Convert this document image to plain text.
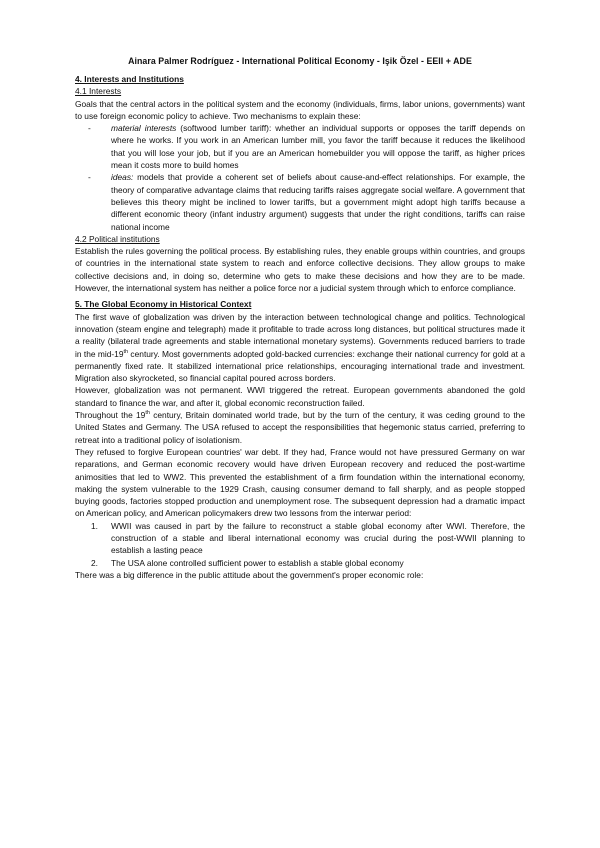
Ainara Palmer Rodríguez - International Political Economy - Işik Özel - EEII + ADE
4. Interests and Institutions
4.1 Interests

Goals that the central actors in the political system and the economy (individuals, firms, labor unions, governments) want to use foreign economic policy to achieve. Two mechanisms to explain these:

- material interests (softwood lumber tariff): whether an individual supports or opposes the tariff depends on where he works. If you work in an American lumber mill, you favor the tariff because it reduces the likelihood that you will lose your job, but if you are an American homebuilder you will oppose the tariff, as higher prices mean it costs more to build homes
- ideas: models that provide a coherent set of beliefs about cause-and-effect relationships. For example, the theory of comparative advantage claims that reducing tariffs raises aggregate social welfare. A government that believes this theory might be inclined to lower tariffs, but a government might adopt high tariffs because a different economic theory (infant industry argument) suggests that under the right conditions, tariffs can raise national income
4.2 Political institutions

Establish the rules governing the political process. By establishing rules, they enable groups within countries, and groups of countries in the international state system to reach and enforce collective decisions. They allow groups to make collective decisions and, in doing so, determine who gets to make these decisions and how they are to be made. However, the international system has neither a police force nor a judicial system through which to enforce compliance.

5. The Global Economy in Historical Context

The first wave of globalization was driven by the interaction between technological change and politics. Technological innovation (steam engine and telegraph) made it profitable to trade across long distances, but political structures made it a reality (bilateral trade agreements and stable international monetary systems). Governments reduced barriers to trade in the mid-19th century. Most governments adopted gold-backed currencies: exchange their national currency for gold at a permanently fixed rate. It stabilized international price relationships, encouraging international trade and investment. Migration also skyrocketed, so financial capital poured across borders.

However, globalization was not permanent. WWI triggered the retreat. European governments abandoned the gold standard to finance the war, and after it, global economic reconstruction failed.

Throughout the 19th century, Britain dominated world trade, but by the turn of the century, it was ceding ground to the United States and Germany. The USA refused to accept the responsibilities that hegemonic status carried, preferring to retreat into a traditional policy of isolationism.

They refused to forgive European countries' war debt. If they had, France would not have pressured Germany on war reparations, and German economic recovery would have driven European recovery and reduced the post-wartime animosities that led to WW2. This prevented the establishment of a firm foundation within the international economy, making the system vulnerable to the 1929 Crash, causing consumer demand to fall sharply, and as people stopped buying goods, factories stopped production and unemployment rose. The subsequent depression had a dramatic impact on American policy, and American policymakers drew two lessons from the interwar period:

1. WWII was caused in part by the failure to reconstruct a stable global economy after WWI. Therefore, the construction of a stable and liberal international economy was crucial during the post-WWII planning to establish a lasting peace
2. The USA alone controlled sufficient power to establish a stable global economy

There was a big difference in the public attitude about the government's proper economic role:
